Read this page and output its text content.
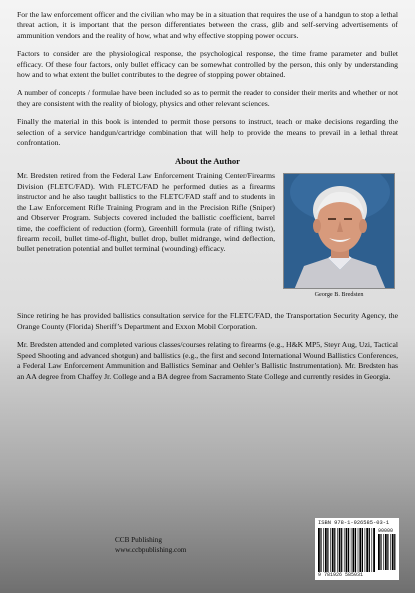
For the law enforcement officer and the civilian who may be in a situation that requires the use of a handgun to stop a lethal threat action, it is important that the person differentiates between the crass, glib and self-serving advertisements of ammunition vendors and the reality of how, what and why effective stopping power occurs.

Factors to consider are the physiological response, the psychological response, the time frame parameter and bullet efficacy. Of these four factors, only bullet efficacy can be somewhat controlled by the person, this only by understanding how and to what extent the bullet contributes to the degree of stopping power obtained.

A number of concepts / formulae have been included so as to permit the reader to consider their merits and whether or not they are consistent with the reality of biology, physics and other relevant sciences.

Finally the material in this book is intended to permit those persons to instruct, teach or make decisions regarding the selection of a service handgun/cartridge combination that will help to provide the means to prevail in a lethal threat confrontation.

About the Author

Mr. Bredsten retired from the Federal Law Enforcement Training Center/Firearms Division (FLETC/FAD). With FLETC/FAD he performed duties as a firearms instructor and he also taught ballistics to the FLETC/FAD staff and to students in the Law Enforcement Rifle Training Program and in the Precision Rifle (Sniper) and Observer Program. Subjects covered included the ballistic coefficient, barrel time, the coefficient of reduction (form), Greenhill formula (rate of rifling twist), firearm recoil, bullet time-of-flight, bullet drop, bullet midrange, wind deflection, bullet penetration potential and bullet terminal (wounding) efficacy.

George B. Bredsten

Since retiring he has provided ballistics consultation service for the FLETC/FAD, the Transportation Security Agency, the Orange County (Florida) Sheriff’s Department and Exxon Mobil Corporation.

Mr. Bredsten attended and completed various classes/courses relating to firearms (e.g., H&K MP5, Steyr Aug, Uzi, Tactical Speed Shooting and advanced shotgun) and ballistics (e.g., the first and second International Wound Ballistics Conferences, a Federal Law Enforcement Ammunition and Ballistics Seminar and Oehler’s Ballistic Instrumentation). Mr. Bredsten has an AA degree from Chaffey Jr. College and a BA degree from Sacramento State College and currently resides in Georgia.

CCB Publishing
www.ccbpublishing.com
ISBN 978-1-926585-03-1
90000
9 781926 585031
